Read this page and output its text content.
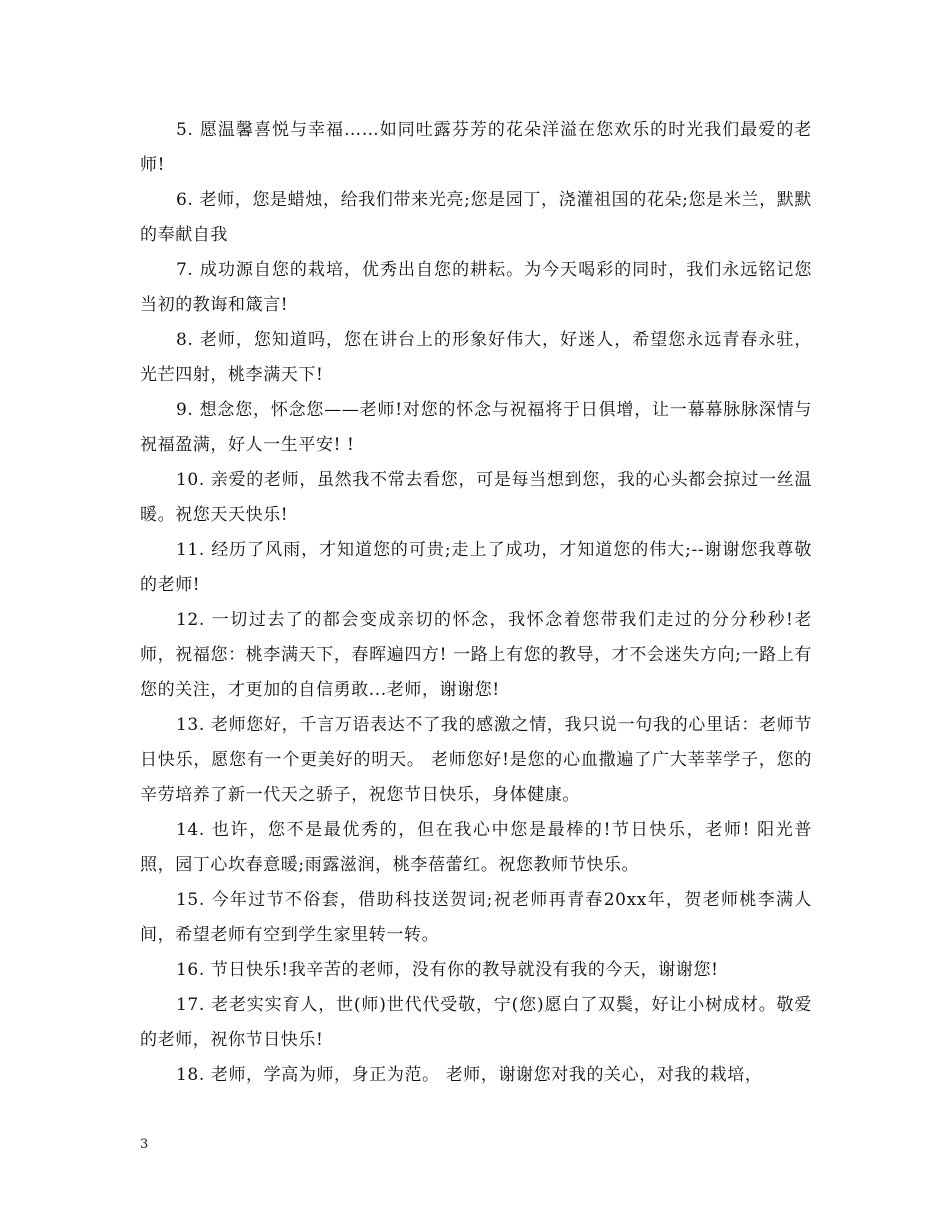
5. 愿温馨喜悦与幸福……如同吐露芬芳的花朵洋溢在您欢乐的时光我们最爱的老师!

6. 老师，您是蜡烛，给我们带来光亮;您是园丁，浇灌祖国的花朵;您是米兰，默默的奉献自我

7. 成功源自您的栽培，优秀出自您的耕耘。为今天喝彩的同时，我们永远铭记您当初的教诲和箴言!

8. 老师，您知道吗，您在讲台上的形象好伟大，好迷人，希望您永远青春永驻，光芒四射，桃李满天下!

9. 想念您，怀念您——老师!对您的怀念与祝福将于日俱增，让一幕幕脉脉深情与祝福盈满，好人一生平安! !

10. 亲爱的老师，虽然我不常去看您，可是每当想到您，我的心头都会掠过一丝温暖。祝您天天快乐!

11. 经历了风雨，才知道您的可贵;走上了成功，才知道您的伟大;--谢谢您我尊敬的老师!

12. 一切过去了的都会变成亲切的怀念，我怀念着您带我们走过的分分秒秒!老师，祝福您：桃李满天下，春晖遍四方! 一路上有您的教导，才不会迷失方向;一路上有您的关注，才更加的自信勇敢...老师，谢谢您!

13. 老师您好，千言万语表达不了我的感激之情，我只说一句我的心里话：老师节日快乐，愿您有一个更美好的明天。 老师您好!是您的心血撒遍了广大莘莘学子，您的辛劳培养了新一代天之骄子，祝您节日快乐，身体健康。

14. 也许，您不是最优秀的，但在我心中您是最棒的!节日快乐，老师! 阳光普照，园丁心坎春意暖;雨露滋润，桃李蓓蕾红。祝您教师节快乐。

15. 今年过节不俗套，借助科技送贺词;祝老师再青春20xx年，贺老师桃李满人间，希望老师有空到学生家里转一转。

16. 节日快乐!我辛苦的老师，没有你的教导就没有我的今天，谢谢您!

17. 老老实实育人，世(师)世代代受敬，宁(您)愿白了双鬓，好让小树成材。敬爱的老师，祝你节日快乐!

18. 老师，学高为师，身正为范。 老师，谢谢您对我的关心，对我的栽培，

3
